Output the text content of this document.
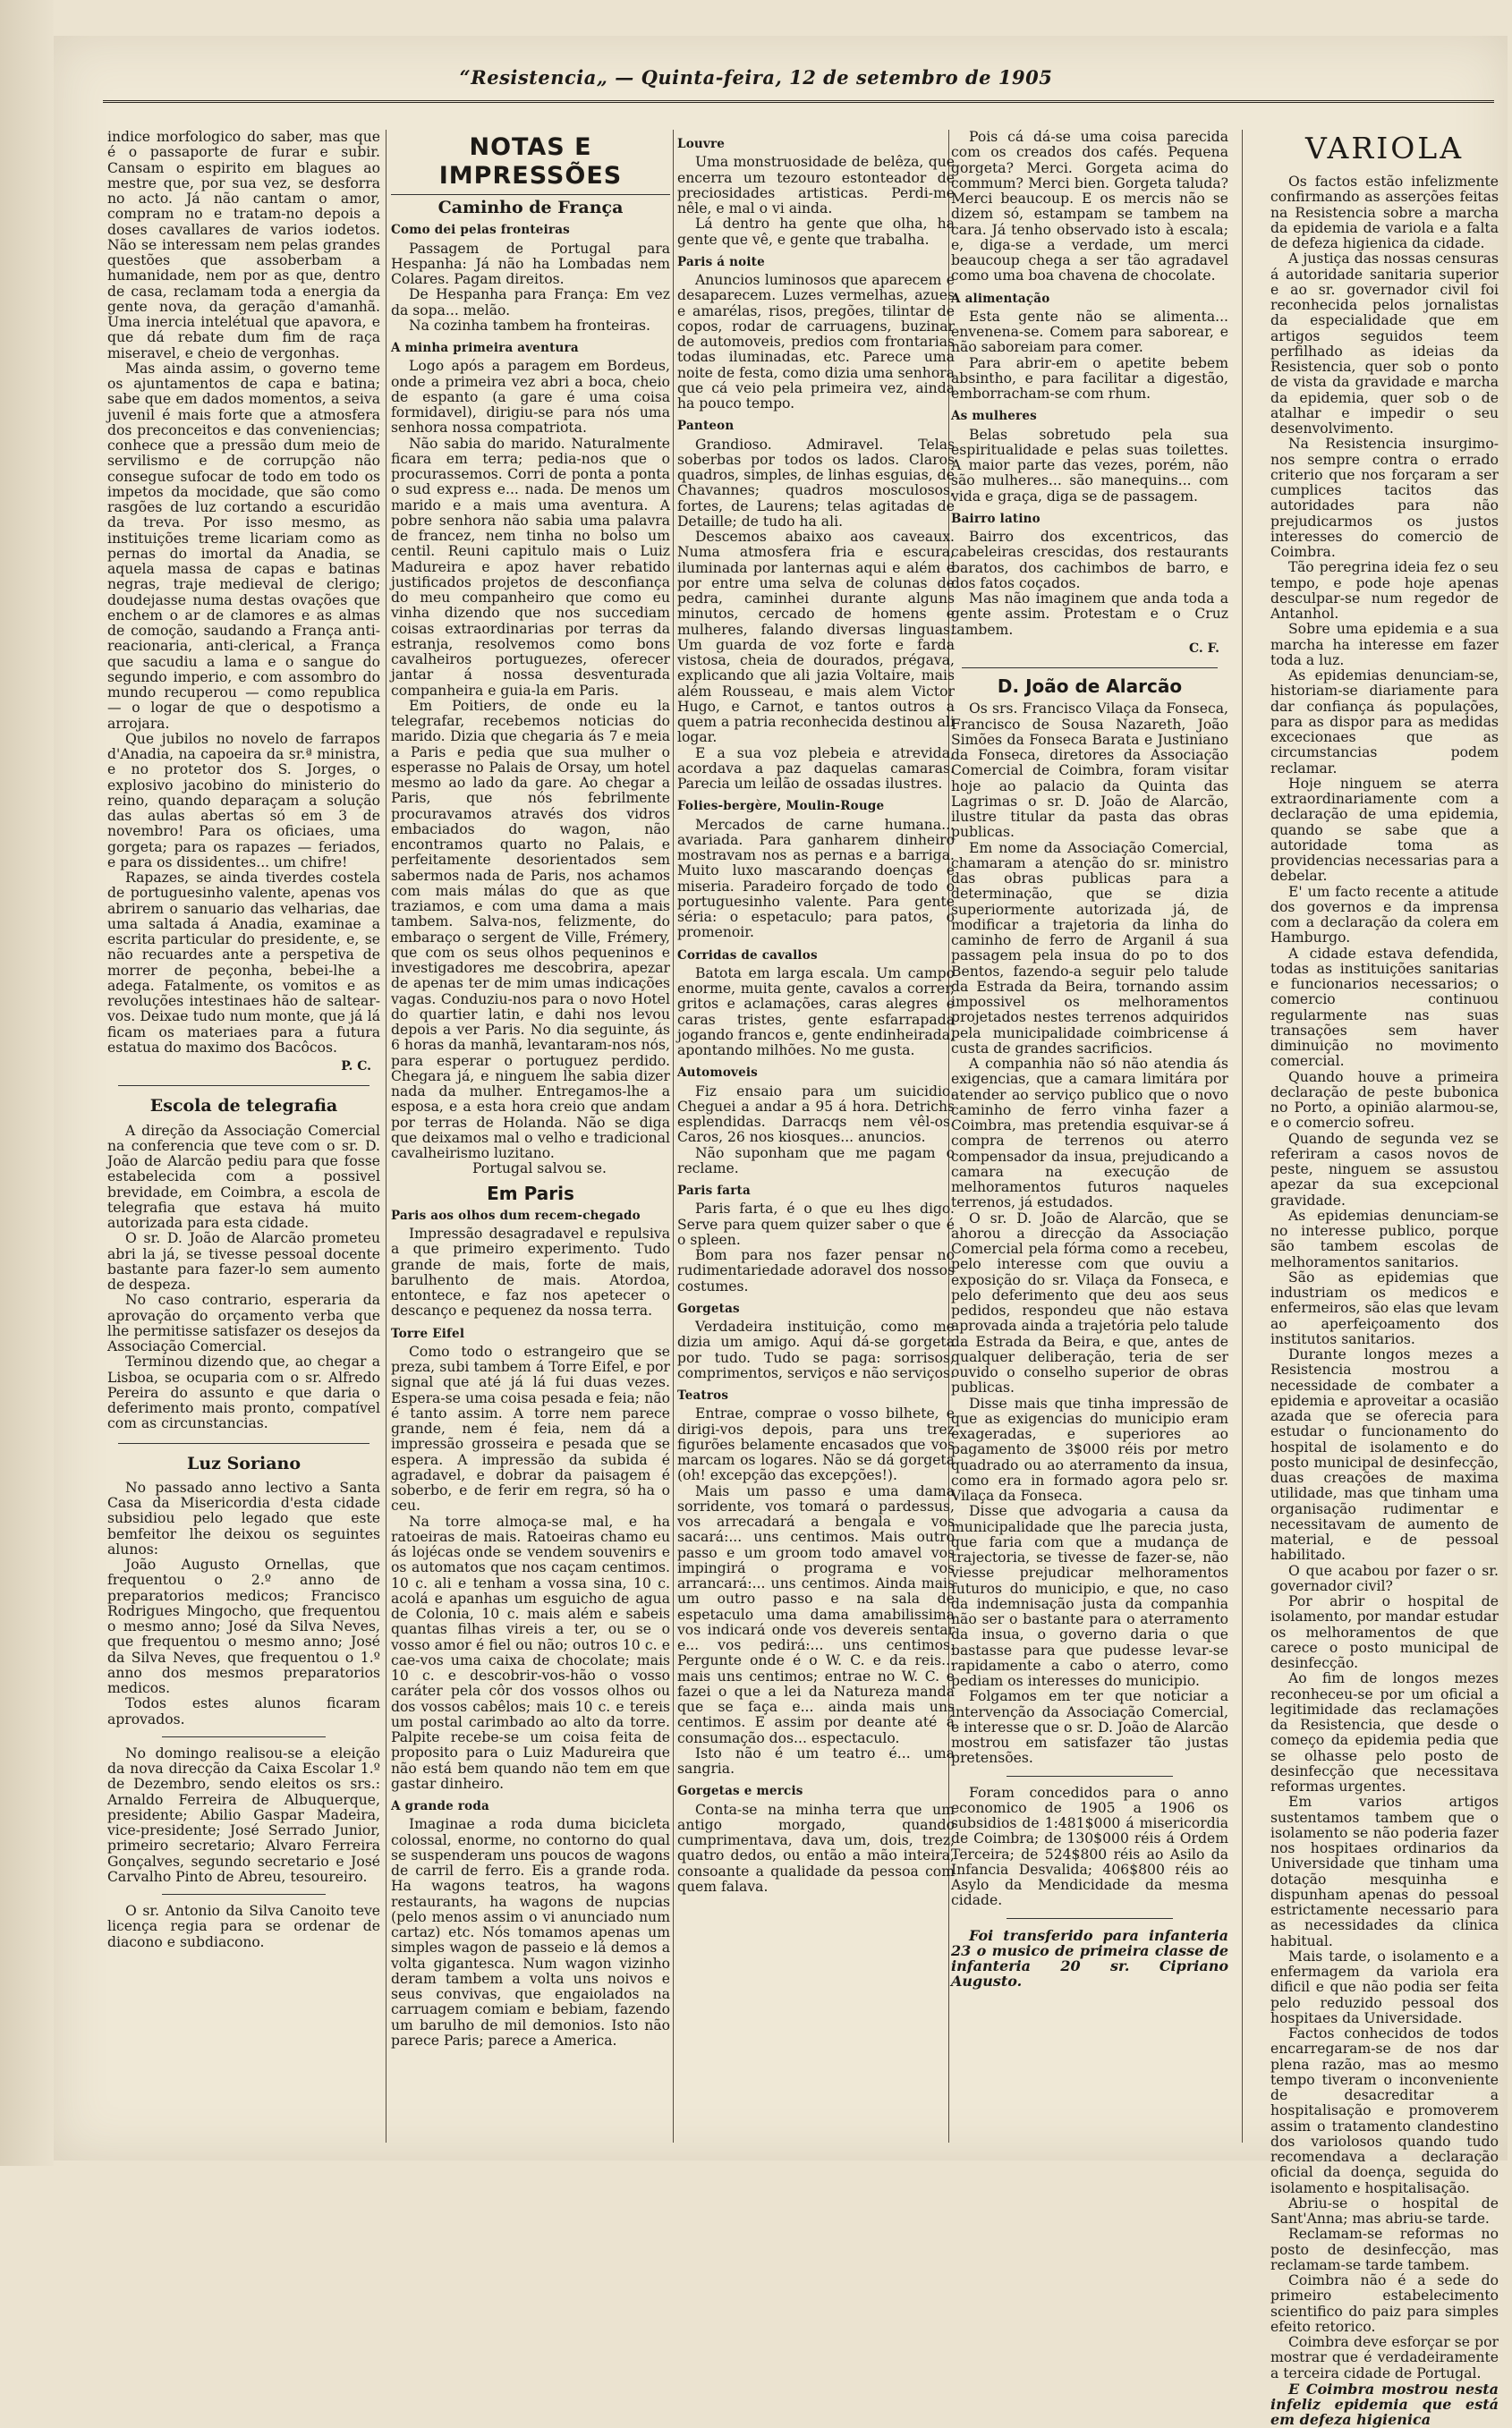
“Resistencia„ — Quinta-feira, 12 de setembro de 1905

indice morfologico do saber, mas que é o passaporte de furar e subir. Cansam o espirito em blagues ao mestre que, por sua vez, se desforra no acto. Já não cantam o amor, compram no e tratam-no depois a doses cavallares de varios iodetos. Não se interessam nem pelas grandes questões que assoberbam a humanidade, nem por as que, dentro de casa, reclamam toda a energia da gente nova, da geração d'amanhã. Uma inercia intelétual que apavora, e que dá rebate dum fim de raça miseravel, e cheio de vergonhas.

Mas ainda assim, o governo teme os ajuntamentos de capa e batina; sabe que em dados momentos, a seiva juvenil é mais forte que a atmosfera dos preconceitos e das conveniencias; conhece que a pressão dum meio de servilismo e de corrupção não consegue sufocar de todo em todo os impetos da mocidade, que são como rasgões de luz cortando a escuridão da treva. Por isso mesmo, as instituições treme licariam como as pernas do imortal da Anadia, se aquela massa de capas e batinas negras, traje medieval de clerigo; doudejasse numa destas ovações que enchem o ar de clamores e as almas de comoção, saudando a França anti-reacionaria, anti-clerical, a França que sacudiu a lama e o sangue do segundo imperio, e com assombro do mundo recuperou — como republica — o logar de que o despotismo a arrojara.

Que jubilos no novelo de farrapos d'Anadia, na capoeira da sr.ª ministra, e no protetor dos S. Jorges, o explosivo jacobino do ministerio do reino, quando deparaçam a solução das aulas abertas só em 3 de novembro! Para os oficiaes, uma gorgeta; para os rapazes — feriados, e para os dissidentes... um chifre!

Rapazes, se ainda tiverdes costela de portuguesinho valente, apenas vos abrirem o sanuario das velharias, dae uma saltada á Anadia, examinae a escrita particular do presidente, e, se não recuardes ante a perspetiva de morrer de peçonha, bebei-lhe a adega. Fatalmente, os vomitos e as revoluções intestinaes hão de saltear-vos. Deixae tudo num monte, que já lá ficam os materiaes para a futura estatua do maximo dos Bacôcos.

P. C.
Escola de telegrafia

A direção da Associação Comercial na conferencia que teve com o sr. D. João de Alarcão pediu para que fosse estabelecida com a possivel brevidade, em Coimbra, a escola de telegrafia que estava há muito autorizada para esta cidade.

O sr. D. João de Alarcão prometeu abri la já, se tivesse pessoal docente bastante para fazer-lo sem aumento de despeza.

No caso contrario, esperaria da aprovação do orçamento verba que lhe permitisse satisfazer os desejos da Associação Comercial.

Terminou dizendo que, ao chegar a Lisboa, se ocuparia com o sr. Alfredo Pereira do assunto e que daria o deferimento mais pronto, compatível com as circunstancias.

Luz Soriano

No passado anno lectivo a Santa Casa da Misericordia d'esta cidade subsidiou pelo legado que este bemfeitor lhe deixou os seguintes alunos:

João Augusto Ornellas, que frequentou o 2.º anno de preparatorios medicos; Francisco Rodrigues Mingocho, que frequentou o mesmo anno; José da Silva Neves, que frequentou o mesmo anno; José da Silva Neves, que frequentou o 1.º anno dos mesmos preparatorios medicos.

Todos estes alunos ficaram aprovados.

No domingo realisou-se a eleição da nova direcção da Caixa Escolar 1.º de Dezembro, sendo eleitos os srs.: Arnaldo Ferreira de Albuquerque, presidente; Abilio Gaspar Madeira, vice-presidente; José Serrado Junior, primeiro secretario; Alvaro Ferreira Gonçalves, segundo secretario e José Carvalho Pinto de Abreu, tesoureiro.

O sr. Antonio da Silva Canoito teve licença regia para se ordenar de diacono e subdiacono.

NOTAS E IMPRESSÕES
Caminho de França
Como dei pelas fronteiras

Passagem de Portugal para Hespanha: Já não ha Lombadas nem Colares. Pagam direitos.

De Hespanha para França: Em vez da sopa... melão.

Na cozinha tambem ha fronteiras.

A minha primeira aventura

Logo após a paragem em Bordeus, onde a primeira vez abri a boca, cheio de espanto (a gare é uma coisa formidavel), dirigiu-se para nós uma senhora nossa compatriota.

Não sabia do marido. Naturalmente ficara em terra; pedia-nos que o procurassemos. Corri de ponta a ponta o sud express e... nada. De menos um marido e a mais uma aventura. A pobre senhora não sabia uma palavra de francez, nem tinha no bolso um centil. Reuni capitulo mais o Luiz Madureira e apoz haver rebatido justificados projetos de desconfiança do meu companheiro que como eu vinha dizendo que nos succediam coisas extraordinarias por terras da estranja, resolvemos como bons cavalheiros portuguezes, oferecer jantar á nossa desventurada companheira e guia-la em Paris.

Em Poitiers, de onde eu la telegrafar, recebemos noticias do marido. Dizia que chegaria ás 7 e meia a Paris e pedia que sua mulher o esperasse no Palais de Orsay, um hotel mesmo ao lado da gare. Ao chegar a Paris, que nós febrilmente procuravamos através dos vidros embaciados do wagon, não encontramos quarto no Palais, e perfeitamente desorientados sem sabermos nada de Paris, nos achamos com mais málas do que as que traziamos, e com uma dama a mais tambem. Salva-nos, felizmente, do embaraço o sergent de Ville, Frémery, que com os seus olhos pequeninos e investigadores me descobrira, apezar de apenas ter de mim umas indicações vagas. Conduziu-nos para o novo Hotel do quartier latin, e dahi nos levou depois a ver Paris. No dia seguinte, ás 6 horas da manhã, levantaram-nos nós, para esperar o portuguez perdido. Chegara já, e ninguem lhe sabia dizer nada da mulher. Entregamos-lhe a esposa, e a esta hora creio que andam por terras de Holanda. Não se diga que deixamos mal o velho e tradicional cavalheirismo luzitano.

Portugal salvou se.

Em Paris
Paris aos olhos dum recem-chegado

Impressão desagradavel e repulsiva a que primeiro experimento. Tudo grande de mais, forte de mais, barulhento de mais. Atordoa, entontece, e faz nos apetecer o descanço e pequenez da nossa terra.

Torre Eifel

Como todo o estrangeiro que se preza, subi tambem á Torre Eifel, e por signal que até já lá fui duas vezes. Espera-se uma coisa pesada e feia; não é tanto assim. A torre nem parece grande, nem é feia, nem dá a impressão grosseira e pesada que se espera. A impressão da subida é agradavel, e dobrar da paisagem é soberbo, e de ferir em regra, só ha o ceu.

Na torre almoça-se mal, e ha ratoeiras de mais. Ratoeiras chamo eu ás lojécas onde se vendem souvenirs e os automatos que nos caçam centimos. 10 c. ali e tenham a vossa sina, 10 c. acolá e apanhas um esguicho de agua de Colonia, 10 c. mais além e sabeis quantas filhas vireis a ter, ou se o vosso amor é fiel ou não; outros 10 c. e cae-vos uma caixa de chocolate; mais 10 c. e descobrir-vos-hão o vosso caráter pela côr dos vossos olhos ou dos vossos cabêlos; mais 10 c. e tereis um postal carimbado ao alto da torre. Palpite recebe-se um coisa feita de proposito para o Luiz Madureira que não está bem quando não tem em que gastar dinheiro.

A grande roda

Imaginae a roda duma bicicleta colossal, enorme, no contorno do qual se suspenderam uns poucos de wagons de carril de ferro. Eis a grande roda. Ha wagons teatros, ha wagons restaurants, ha wagons de nupcias (pelo menos assim o vi anunciado num cartaz) etc. Nós tomamos apenas um simples wagon de passeio e lá demos a volta gigantesca. Num wagon vizinho deram tambem a volta uns noivos e seus convivas, que engaiolados na carruagem comiam e bebiam, fazendo um barulho de mil demonios. Isto não parece Paris; parece a America.

Louvre

Uma monstruosidade de belêza, que encerra um tezouro estonteador de preciosidades artisticas. Perdi-me nêle, e mal o vi ainda.

Lá dentro ha gente que olha, ha gente que vê, e gente que trabalha.

Paris á noite

Anuncios luminosos que aparecem e desaparecem. Luzes vermelhas, azues e amarélas, risos, pregões, tilintar de copos, rodar de carruagens, buzinar de automoveis, predios com frontarias todas iluminadas, etc. Parece uma noite de festa, como dizia uma senhora que cá veio pela primeira vez, ainda ha pouco tempo.

Panteon

Grandioso. Admiravel. Telas soberbas por todos os lados. Claros quadros, simples, de linhas esguias, de Chavannes; quadros mosculosos, fortes, de Laurens; telas agitadas de Detaille; de tudo ha ali.

Descemos abaixo aos caveaux. Numa atmosfera fria e escura, iluminada por lanternas aqui e além e por entre uma selva de colunas de pedra, caminhei durante alguns minutos, cercado de homens e mulheres, falando diversas linguas. Um guarda de voz forte e farda vistosa, cheia de dourados, prégava, explicando que ali jazia Voltaire, mais além Rousseau, e mais alem Victor Hugo, e Carnot, e tantos outros a quem a patria reconhecida destinou ali logar.

E a sua voz plebeia e atrevida, acordava a paz daquelas camaras. Parecia um leilão de ossadas ilustres.

Folies-bergère, Moulin-Rouge

Mercados de carne humana... avariada. Para ganharem dinheiro mostravam nos as pernas e a barriga. Muito luxo mascarando doenças e miseria. Paradeiro forçado de todo o portuguesinho valente. Para gente séria: o espetaculo; para patos, o promenoir.

Corridas de cavallos

Batota em larga escala. Um campo enorme, muita gente, cavalos a correr, gritos e aclamações, caras alegres e caras tristes, gente esfarrapada jogando francos e, gente endinheirada, apontando milhões. No me gusta.

Automoveis

Fiz ensaio para um suicidio. Cheguei a andar a 95 á hora. Detrichs esplendidas. Darracqs nem vêl-os. Caros, 26 nos kiosques... anuncios.

Não suponham que me pagam o reclame.

Paris farta

Paris farta, é o que eu lhes digo. Serve para quem quizer saber o que é o spleen.

Bom para nos fazer pensar no rudimentariedade adoravel dos nossos costumes.

Gorgetas

Verdadeira instituição, como me dizia um amigo. Aqui dá-se gorgeta por tudo. Tudo se paga: sorrisos, comprimentos, serviços e não serviços.

Teatros

Entrae, comprae o vosso bilhete, e dirigi-vos depois, para uns trez figurões belamente encasados que vos marcam os logares. Não se dá gorgeta (oh! excepção das excepções!).

Mais um passo e uma dama sorridente, vos tomará o pardessus, vos arrecadará a bengala e vos sacará:... uns centimos. Mais outro passo e um groom todo amavel vos impingirá o programa e vos arrancará:... uns centimos. Ainda mais um outro passo e na sala de espetaculo uma dama amabilissima vos indicará onde vos devereis sentar e... vos pedirá:... uns centimos. Pergunte onde é o W. C. e da reis... mais uns centimos; entrae no W. C. e fazei o que a lei da Natureza manda que se faça e... ainda mais uns centimos. E assim por deante até á consumação dos... espectaculo.

Isto não é um teatro é... uma sangria.

Gorgetas e mercis

Conta-se na minha terra que um antigo morgado, quando cumprimentava, dava um, dois, trez, quatro dedos, ou então a mão inteira, consoante a qualidade da pessoa com quem falava.

Pois cá dá-se uma coisa parecida com os creados dos cafés. Pequena gorgeta? Merci. Gorgeta acima do commum? Merci bien. Gorgeta taluda? Merci beaucoup. E os mercis não se dizem só, estampam se tambem na cara. Já tenho observado isto à escala; e, diga-se a verdade, um merci beaucoup chega a ser tão agradavel como uma boa chavena de chocolate.

A alimentação

Esta gente não se alimenta... envenena-se. Comem para saborear, e não saboreiam para comer.

Para abrir-em o apetite bebem absintho, e para facilitar a digestão, emborracham-se com rhum.

As mulheres

Belas sobretudo pela sua espiritualidade e pelas suas toilettes. A maior parte das vezes, porém, não são mulheres... são manequins... com vida e graça, diga se de passagem.

Bairro latino

Bairro dos excentricos, das cabeleiras crescidas, dos restaurants baratos, dos cachimbos de barro, e dos fatos coçados.

Mas não imaginem que anda toda a gente assim. Protestam e o Cruz tambem.

C. F.
D. João de Alarcão

Os srs. Francisco Vilaça da Fonseca, Francisco de Sousa Nazareth, João Simões da Fonseca Barata e Justiniano da Fonseca, diretores da Associação Comercial de Coimbra, foram visitar hoje ao palacio da Quinta das Lagrimas o sr. D. João de Alarcão, ilustre titular da pasta das obras publicas.

Em nome da Associação Comercial, chamaram a atenção do sr. ministro das obras publicas para a determinação, que se dizia superiormente autorizada já, de modificar a trajetoria da linha do caminho de ferro de Arganil á sua passagem pela insua do po to dos Bentos, fazendo-a seguir pelo talude da Estrada da Beira, tornando assim impossivel os melhoramentos projetados nestes terrenos adquiridos pela municipalidade coimbricense á custa de grandes sacrificios.

A companhia não só não atendia ás exigencias, que a camara limitára por atender ao serviço publico que o novo caminho de ferro vinha fazer a Coimbra, mas pretendia esquivar-se á compra de terrenos ou aterro compensador da insua, prejudicando a camara na execução de melhoramentos futuros naqueles terrenos, já estudados.

O sr. D. João de Alarcão, que se ahorou a direcção da Associação Comercial pela fórma como a recebeu, pelo interesse com que ouviu a exposição do sr. Vilaça da Fonseca, e pelo deferimento que deu aos seus pedidos, respondeu que não estava aprovada ainda a trajetória pelo talude da Estrada da Beira, e que, antes de qualquer deliberação, teria de ser ouvido o conselho superior de obras publicas.

Disse mais que tinha impressão de que as exigencias do municipio eram exageradas, e superiores ao pagamento de 3$000 réis por metro quadrado ou ao aterramento da insua, como era in formado agora pelo sr. Vilaça da Fonseca.

Disse que advogaria a causa da municipalidade que lhe parecia justa, que faria com que a mudança de trajectoria, se tivesse de fazer-se, não viesse prejudicar melhoramentos futuros do municipio, e que, no caso da indemnisação justa da companhia não ser o bastante para o aterramento da insua, o governo daria o que bastasse para que pudesse levar-se rapidamente a cabo o aterro, como pediam os interesses do municipio.

Folgamos em ter que noticiar a intervenção da Associação Comercial, e interesse que o sr. D. João de Alarcão mostrou em satisfazer tão justas pretensões.

Foram concedidos para o anno economico de 1905 a 1906 os subsidios de 1:481$000 á misericordia de Coimbra; de 130$000 réis á Ordem Terceira; de 524$800 réis ao Asilo da Infancia Desvalida; 406$800 réis ao Asylo da Mendicidade da mesma cidade.

Foi transferido para infanteria 23 o musico de primeira classe de infanteria 20 sr. Cipriano Augusto.

VARIOLA

Os factos estão infelizmente confirmando as asserções feitas na Resistencia sobre a marcha da epidemia de variola e a falta de defeza higienica da cidade.

A justiça das nossas censuras á autoridade sanitaria superior e ao sr. governador civil foi reconhecida pelos jornalistas da especialidade que em artigos seguidos teem perfilhado as ideias da Resistencia, quer sob o ponto de vista da gravidade e marcha da epidemia, quer sob o de atalhar e impedir o seu desenvolvimento.

Na Resistencia insurgimo-nos sempre contra o errado criterio que nos forçaram a ser cumplices tacitos das autoridades para não prejudicarmos os justos interesses do comercio de Coimbra.

Tão peregrina ideia fez o seu tempo, e pode hoje apenas desculpar-se num regedor de Antanhol.

Sobre uma epidemia e a sua marcha ha interesse em fazer toda a luz.

As epidemias denunciam-se, historiam-se diariamente para dar confiança ás populações, para as dispor para as medidas excecionaes que as circumstancias podem reclamar.

Hoje ninguem se aterra extraordinariamente com a declaração de uma epidemia, quando se sabe que a autoridade toma as providencias necessarias para a debelar.

E' um facto recente a atitude dos governos e da imprensa com a declaração da colera em Hamburgo.

A cidade estava defendida, todas as instituições sanitarias e funcionarios necessarios; o comercio continuou regularmente nas suas transações sem haver diminuição no movimento comercial.

Quando houve a primeira declaração de peste bubonica no Porto, a opinião alarmou-se, e o comercio sofreu.

Quando de segunda vez se referiram a casos novos de peste, ninguem se assustou apezar da sua excepcional gravidade.

As epidemias denunciam-se no interesse publico, porque são tambem escolas de melhoramentos sanitarios.

São as epidemias que industriam os medicos e enfermeiros, são elas que levam ao aperfeiçoamento dos institutos sanitarios.

Durante longos mezes a Resistencia mostrou a necessidade de combater a epidemia e aproveitar a ocasião azada que se oferecia para estudar o funcionamento do hospital de isolamento e do posto municipal de desinfecção, duas creações de maxima utilidade, mas que tinham uma organisação rudimentar e necessitavam de aumento de material, e de pessoal habilitado.

O que acabou por fazer o sr. governador civil?

Por abrir o hospital de isolamento, por mandar estudar os melhoramentos de que carece o posto municipal de desinfecção.

Ao fim de longos mezes reconheceu-se por um oficial a legitimidade das reclamações da Resistencia, que desde o começo da epidemia pedia que se olhasse pelo posto de desinfecção que necessitava reformas urgentes.

Em varios artigos sustentamos tambem que o isolamento se não poderia fazer nos hospitaes ordinarios da Universidade que tinham uma dotação mesquinha e dispunham apenas do pessoal estrictamente necessario para as necessidades da clinica habitual.

Mais tarde, o isolamento e a enfermagem da variola era dificil e que não podia ser feita pelo reduzido pessoal dos hospitaes da Universidade.

Factos conhecidos de todos encarregaram-se de nos dar plena razão, mas ao mesmo tempo tiveram o inconveniente de desacreditar a hospitalisação e promoverem assim o tratamento clandestino dos variolosos quando tudo recomendava a declaração oficial da doença, seguida do isolamento e hospitalisação.

Abriu-se o hospital de Sant'Anna; mas abriu-se tarde.

Reclamam-se reformas no posto de desinfecção, mas reclamam-se tarde tambem.

Coimbra não é a sede do primeiro estabelecimento scientifico do paiz para simples efeito retorico.

Coimbra deve esforçar se por mostrar que é verdadeiramente a terceira cidade de Portugal.

E Coimbra mostrou nesta infeliz epidemia que está em defeza higienica
